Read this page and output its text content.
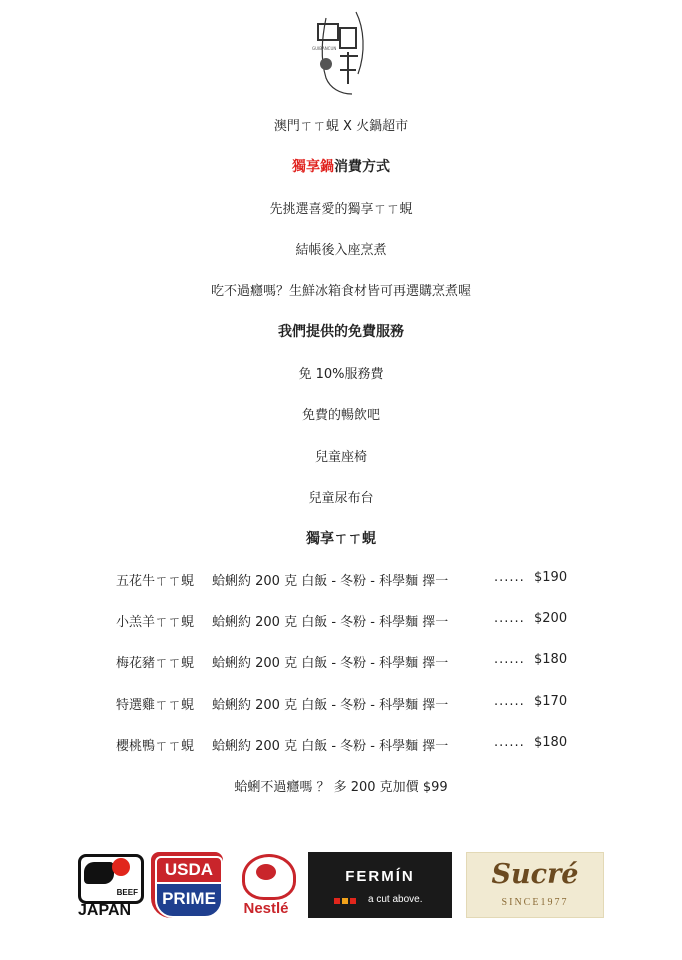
GUIBANCUN
澳門ㄒㄒ蜆 X 火鍋超市
獨享鍋消費方式
先挑選喜愛的獨享ㄒㄒ蜆
結帳後入座烹煮
吃不過癮嗎？生鮮冰箱食材皆可再選購烹煮喔
我們提供的免費服務
免 10%服務費
免費的暢飲吧
兒童座椅
兒童尿布台
獨享ㄒㄒ蜆
五花牛ㄒㄒ蜆 蛤蜊約 200 克 白飯 - 冬粉 - 科學麵 擇一	...... $190
小羔羊ㄒㄒ蜆 蛤蜊約 200 克 白飯 - 冬粉 - 科學麵 擇一	...... $200
梅花豬ㄒㄒ蜆 蛤蜊約 200 克 白飯 - 冬粉 - 科學麵 擇一	...... $180
特選雞ㄒㄒ蜆 蛤蜊約 200 克 白飯 - 冬粉 - 科學麵 擇一	...... $170
櫻桃鴨ㄒㄒ蜆 蛤蜊約 200 克 白飯 - 冬粉 - 科學麵 擇一	...... $180
蛤蜊不過癮嗎 ？ 多 200 克加價 $99
BEEF
JAPAN
USDA
PRIME
Nestlé
FERMÍN
a cut above.
Sucré
SINCE1977
